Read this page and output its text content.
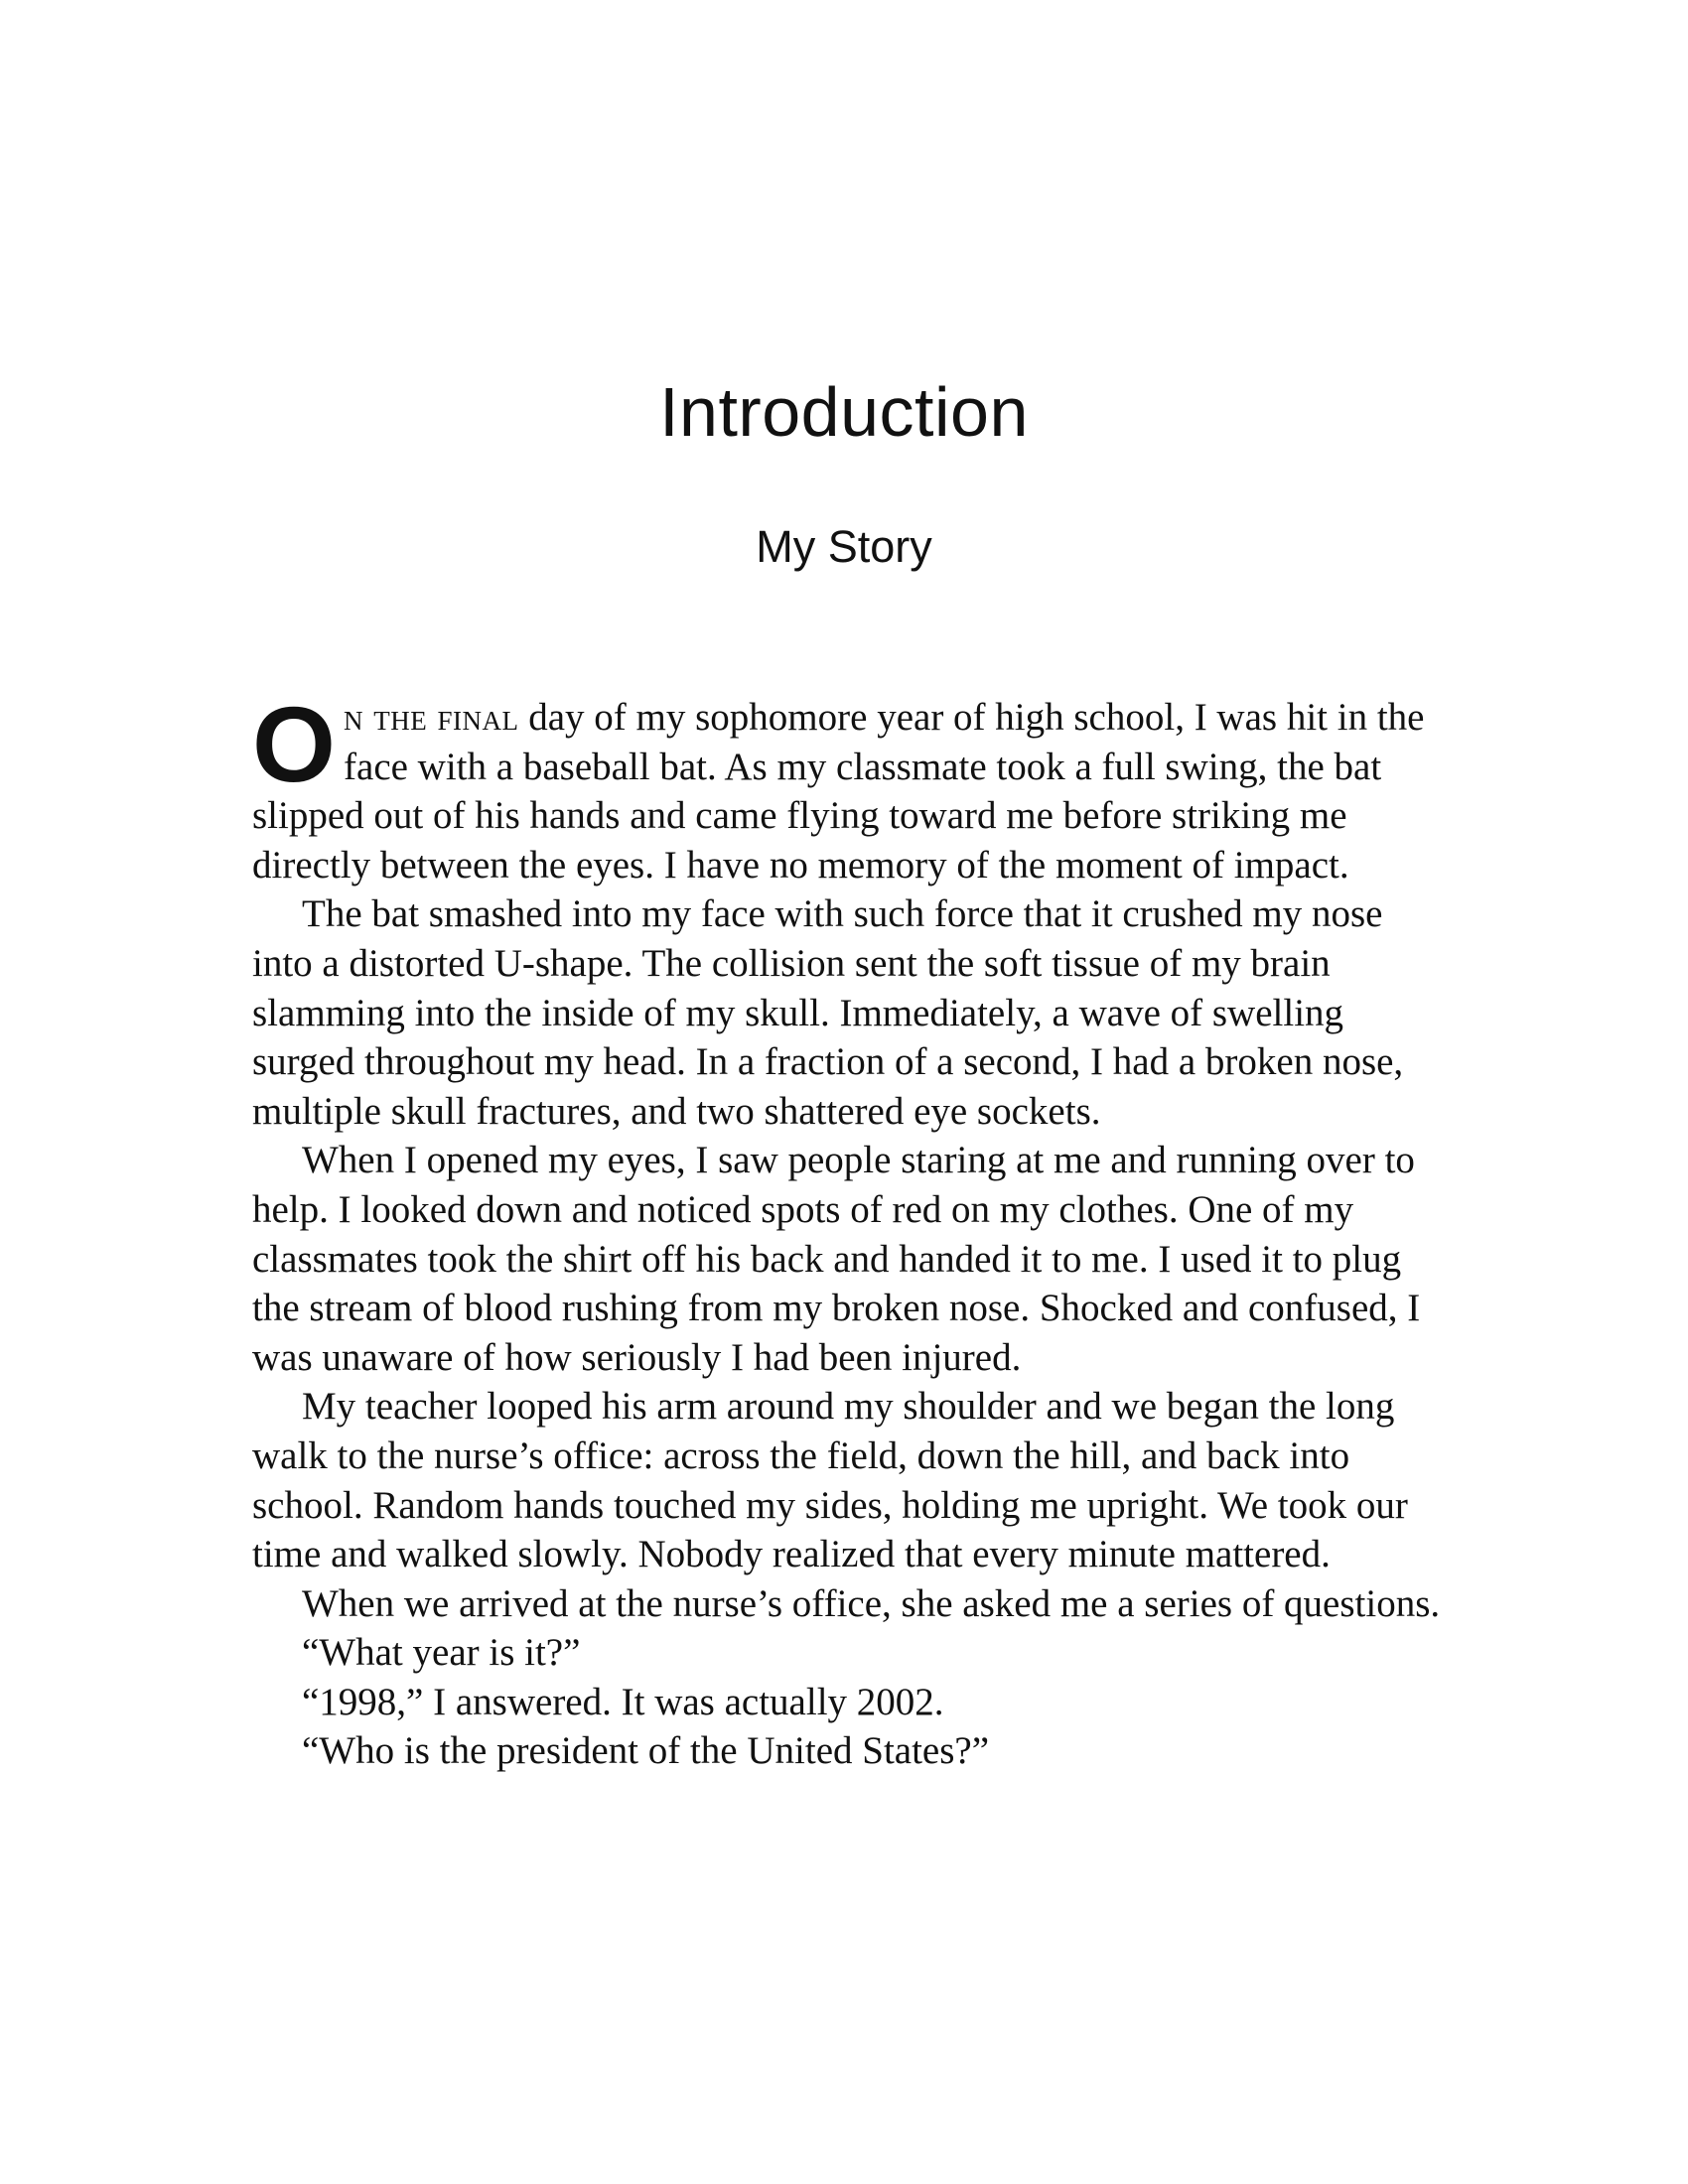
Introduction
My Story

O n the final day of my sophomore year of high school, I was hit in the face with a baseball bat. As my classmate took a full swing, the bat slipped out of his hands and came flying toward me before striking me directly between the eyes. I have no memory of the moment of impact.

The bat smashed into my face with such force that it crushed my nose into a distorted U-shape. The collision sent the soft tissue of my brain slamming into the inside of my skull. Immediately, a wave of swelling surged throughout my head. In a fraction of a second, I had a broken nose, multiple skull fractures, and two shattered eye sockets.

When I opened my eyes, I saw people staring at me and running over to help. I looked down and noticed spots of red on my clothes. One of my classmates took the shirt off his back and handed it to me. I used it to plug the stream of blood rushing from my broken nose. Shocked and confused, I was unaware of how seriously I had been injured.

My teacher looped his arm around my shoulder and we began the long walk to the nurse’s office: across the field, down the hill, and back into school. Random hands touched my sides, holding me upright. We took our time and walked slowly. Nobody realized that every minute mattered.

When we arrived at the nurse’s office, she asked me a series of questions.

“What year is it?”

“1998,” I answered. It was actually 2002.

“Who is the president of the United States?”
